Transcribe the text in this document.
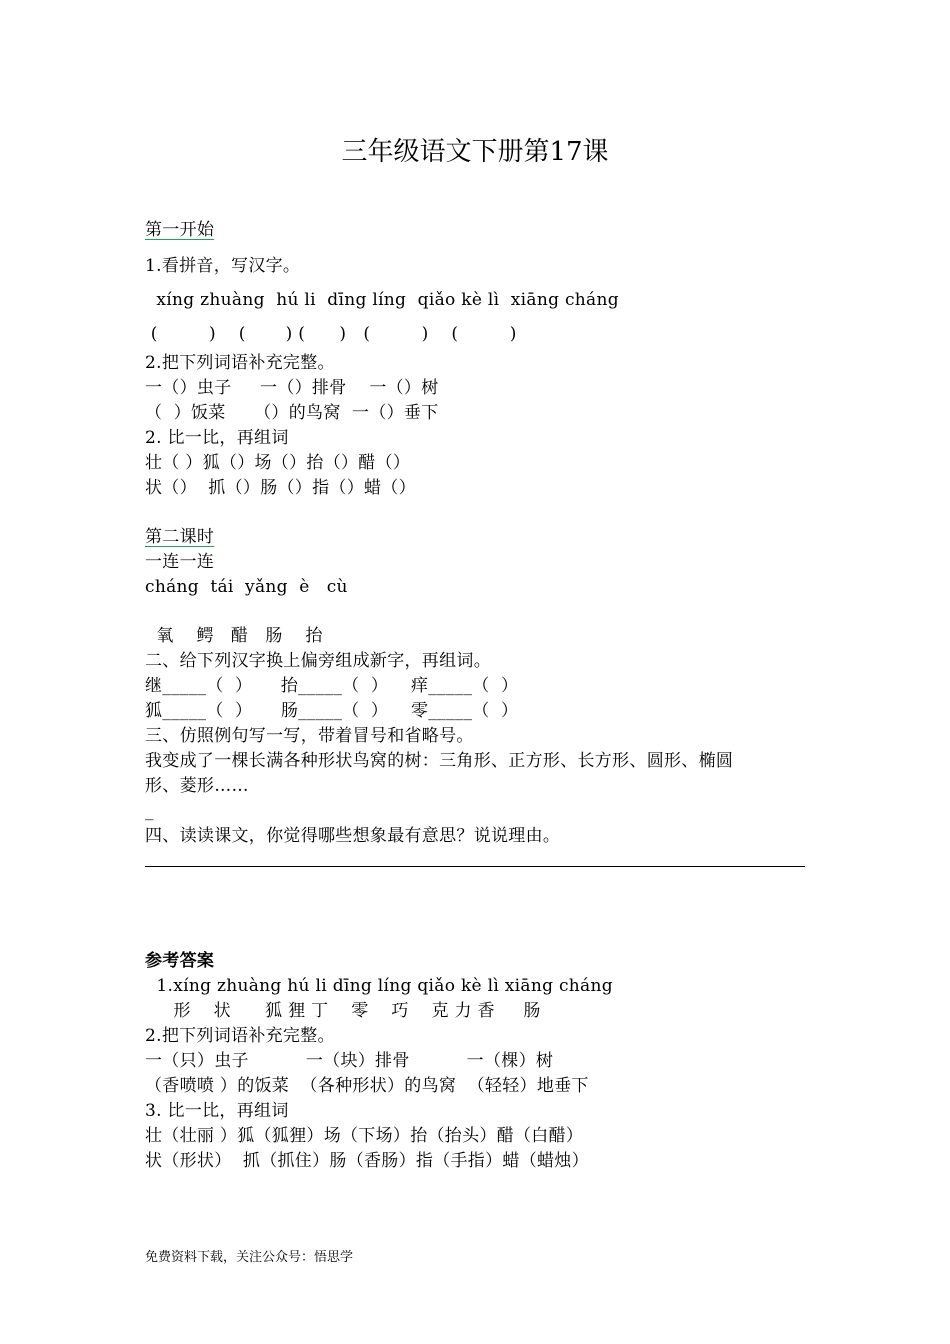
三年级语文下册第17课
第一开始
1.看拼音，写汉字。
xíng zhuàng  hú li  dīng líng  qiǎo kè lì  xiāng cháng
(         )    (       ) (      )   (         )    (         )
2.把下列词语补充完整。
一（）虫子     一（）排骨    一（）树
（  ）饭菜     （）的鸟窝  一（）垂下
2. 比一比，再组词
壮（ ）狐（）场（）抬（）醋（）
状（）  抓（）肠（）指（）蜡（）
第二课时
一连一连
cháng  tái  yǎng  è   cù
氧    鳄   醋   肠    抬
二、给下列汉字换上偏旁组成新字，再组词。
继_____（  ）     抬_____（  ）    痒_____（  ）
狐_____（  ）     肠_____（  ）    零_____（  ）
三、仿照例句写一写，带着冒号和省略号。
我变成了一棵长满各种形状鸟窝的树：三角形、正方形、长方形、圆形、椭圆
形、菱形……
_
四、读读课文，你觉得哪些想象最有意思？说说理由。
参考答案
1.xíng zhuàng hú li dīng líng qiǎo kè lì xiāng cháng
形    状      狐 狸 丁    零    巧    克 力 香     肠
2.把下列词语补充完整。
一（只）虫子          一（块）排骨          一（棵）树
（香喷喷 ）的饭菜  （各种形状）的鸟窝  （轻轻）地垂下
3. 比一比，再组词
壮（壮丽 ）狐（狐狸）场（下场）抬（抬头）醋（白醋）
状（形状）  抓（抓住）肠（香肠）指（手指）蜡（蜡烛）
免费资料下载，关注公众号：悟思学
